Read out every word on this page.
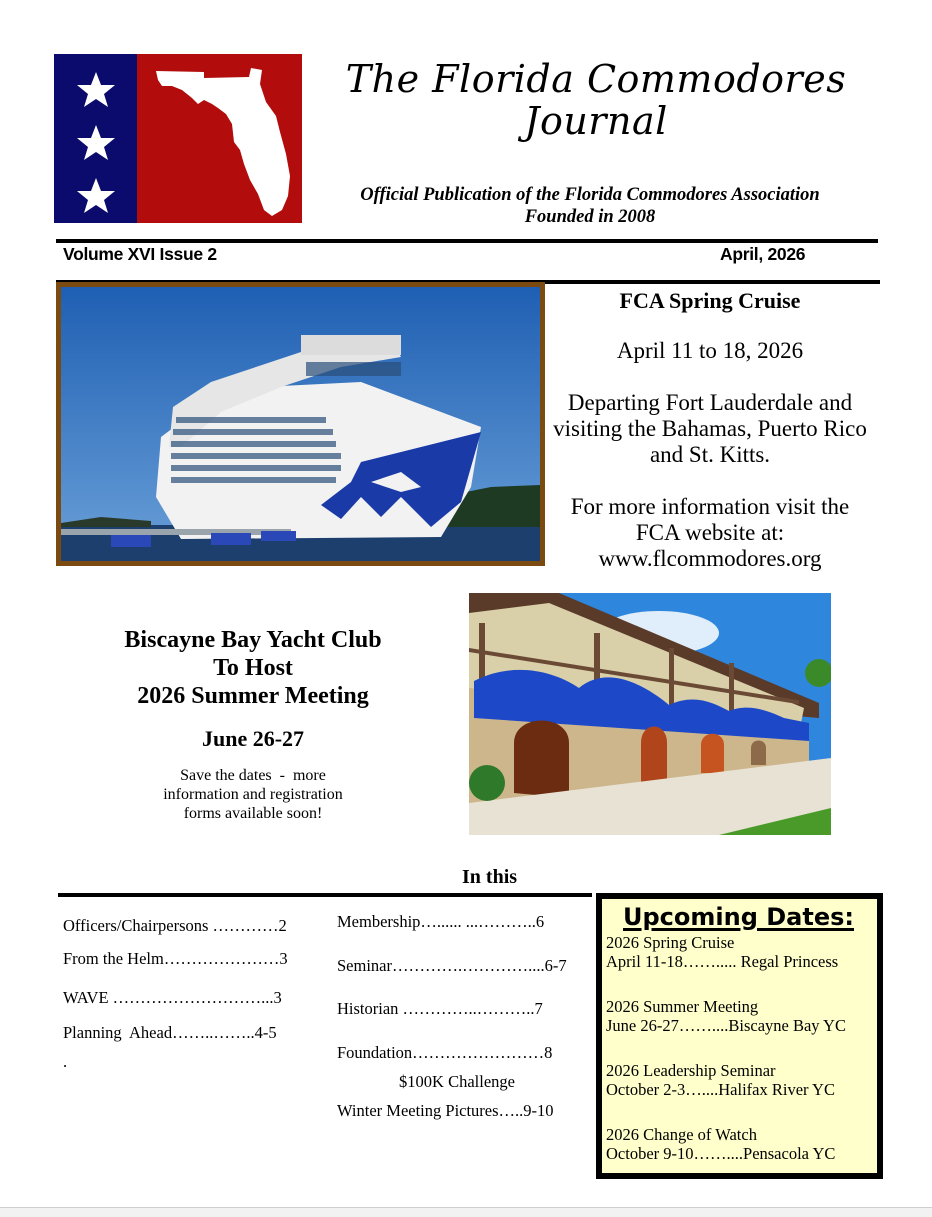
The Florida Commodores
Journal
Official Publication of the Florida Commodores Association
Founded in 2008
Volume XVI Issue 2	April, 2026

FCA Spring Cruise

April 11 to 18, 2026

Departing Fort Lauderdale and visiting the Bahamas, Puerto Rico and St. Kitts.

For more information visit the

FCA website at:

www.flcommodores.org

Biscayne Bay Yacht Club
To Host
2026 Summer Meeting

June 26-27

Save the dates  -  more
information and registration
forms available soon!

In this
Officers/Chairpersons …………2
From the Helm…………………3
WAVE ………………………...3
Planning  Ahead……..……..4-5
.
Membership…...... ...………..6
Seminar………….…………....6-7
Historian …………..………..7
Foundation……………………8
$100K Challenge
Winter Meeting Pictures…..9-10
Upcoming Dates:
2026 Spring Cruise
April 11-18……..... Regal Princess
2026 Summer Meeting
June 26-27……....Biscayne Bay YC
2026 Leadership Seminar
October 2-3…....Halifax River YC
2026 Change of Watch
October 9-10……....Pensacola YC
